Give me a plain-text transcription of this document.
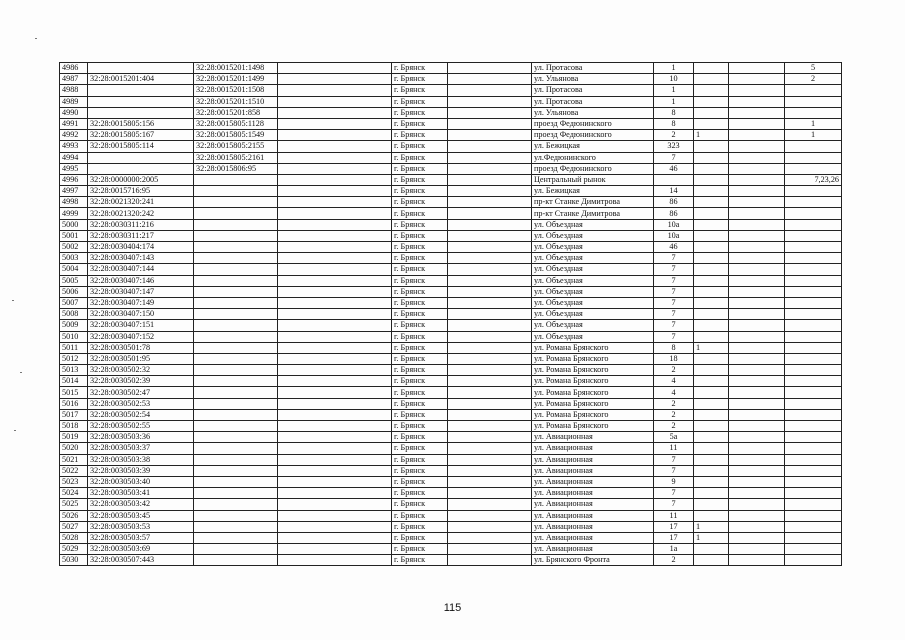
4986		32:28:0015201:1498		г. Брянск		ул. Протасова	1			5
4987	32:28:0015201:404	32:28:0015201:1499		г. Брянск		ул. Ульянова	10			2
4988		32:28:0015201:1508		г. Брянск		ул. Протасова	1			
4989		32:28:0015201:1510		г. Брянск		ул. Протасова	1			
4990		32:28:0015201:858		г. Брянск		ул. Ульянова	8			
4991	32:28:0015805:156	32:28:0015805:1128		г. Брянск		проезд Федюнинского	8			1
4992	32:28:0015805:167	32:28:0015805:1549		г. Брянск		проезд Федюнинского	2	1		1
4993	32:28:0015805:114	32:28:0015805:2155		г. Брянск		ул. Бежицкая	323			
4994		32:28:0015805:2161		г. Брянск		ул.Федюнинского	7			
4995		32:28:0015806:95		г. Брянск		проезд Федюнинского	46			
4996	32:28:0000000:2005			г. Брянск		Центральный рынок				7,23,26
4997	32:28:0015716:95			г. Брянск		ул. Бежицкая	14			
4998	32:28:0021320:241			г. Брянск		пр-кт Станке Димитрова	86			
4999	32:28:0021320:242			г. Брянск		пр-кт Станке Димитрова	86			
5000	32:28:0030311:216			г. Брянск		ул. Объездная	10а			
5001	32:28:0030311:217			г. Брянск		ул. Объездная	10а			
5002	32:28:0030404:174			г. Брянск		ул. Объездная	46			
5003	32:28:0030407:143			г. Брянск		ул. Объездная	7			
5004	32:28:0030407:144			г. Брянск		ул. Объездная	7			
5005	32:28:0030407:146			г. Брянск		ул. Объездная	7			
5006	32:28:0030407:147			г. Брянск		ул. Объездная	7			
5007	32:28:0030407:149			г. Брянск		ул. Объездная	7			
5008	32:28:0030407:150			г. Брянск		ул. Объездная	7			
5009	32:28:0030407:151			г. Брянск		ул. Объездная	7			
5010	32:28:0030407:152			г. Брянск		ул. Объездная	7			
5011	32:28:0030501:78			г. Брянск		ул. Романа Брянского	8	1		
5012	32:28:0030501:95			г. Брянск		ул. Романа Брянского	18			
5013	32:28:0030502:32			г. Брянск		ул. Романа Брянского	2			
5014	32:28:0030502:39			г. Брянск		ул. Романа Брянского	4			
5015	32:28:0030502:47			г. Брянск		ул. Романа Брянского	4			
5016	32:28:0030502:53			г. Брянск		ул. Романа Брянского	2			
5017	32:28:0030502:54			г. Брянск		ул. Романа Брянского	2			
5018	32:28:0030502:55			г. Брянск		ул. Романа Брянского	2			
5019	32:28:0030503:36			г. Брянск		ул. Авиационная	5а			
5020	32:28:0030503:37			г. Брянск		ул. Авиационная	11			
5021	32:28:0030503:38			г. Брянск		ул. Авиационная	7			
5022	32:28:0030503:39			г. Брянск		ул. Авиационная	7			
5023	32:28:0030503:40			г. Брянск		ул. Авиационная	9			
5024	32:28:0030503:41			г. Брянск		ул. Авиационная	7			
5025	32:28:0030503:42			г. Брянск		ул. Авиационная	7			
5026	32:28:0030503:45			г. Брянск		ул. Авиационная	11			
5027	32:28:0030503:53			г. Брянск		ул. Авиационная	17	1		
5028	32:28:0030503:57			г. Брянск		ул. Авиационная	17	1		
5029	32:28:0030503:69			г. Брянск		ул. Авиационная	1а			
5030	32:28:0030507:443			г. Брянск		ул. Брянского Фронта	2			
115
